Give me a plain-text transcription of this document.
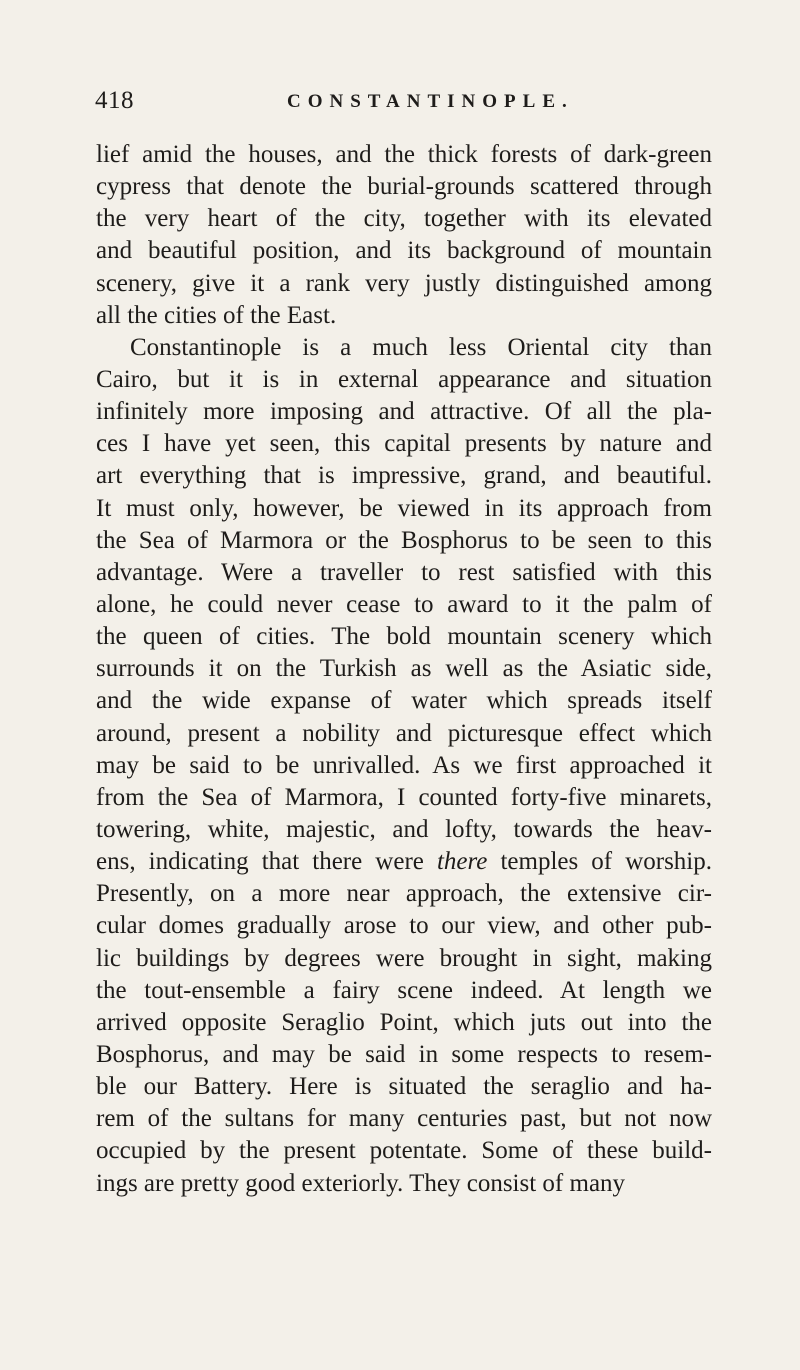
418	CONSTANTINOPLE.
lief amid the houses, and the thick forests of dark-green
cypress that denote the burial-grounds scattered through
the very heart of the city, together with its elevated
and beautiful position, and its background of mountain
scenery, give it a rank very justly distinguished among
all the cities of the East.
Constantinople is a much less Oriental city than
Cairo, but it is in external appearance and situation
infinitely more imposing and attractive. Of all the pla-
ces I have yet seen, this capital presents by nature and
art everything that is impressive, grand, and beautiful.
It must only, however, be viewed in its approach from
the Sea of Marmora or the Bosphorus to be seen to this
advantage. Were a traveller to rest satisfied with this
alone, he could never cease to award to it the palm of
the queen of cities. The bold mountain scenery which
surrounds it on the Turkish as well as the Asiatic side,
and the wide expanse of water which spreads itself
around, present a nobility and picturesque effect which
may be said to be unrivalled. As we first approached it
from the Sea of Marmora, I counted forty-five minarets,
towering, white, majestic, and lofty, towards the heav-
ens, indicating that there were there temples of worship.
Presently, on a more near approach, the extensive cir-
cular domes gradually arose to our view, and other pub-
lic buildings by degrees were brought in sight, making
the tout-ensemble a fairy scene indeed. At length we
arrived opposite Seraglio Point, which juts out into the
Bosphorus, and may be said in some respects to resem-
ble our Battery. Here is situated the seraglio and ha-
rem of the sultans for many centuries past, but not now
occupied by the present potentate. Some of these build-
ings are pretty good exteriorly. They consist of many
